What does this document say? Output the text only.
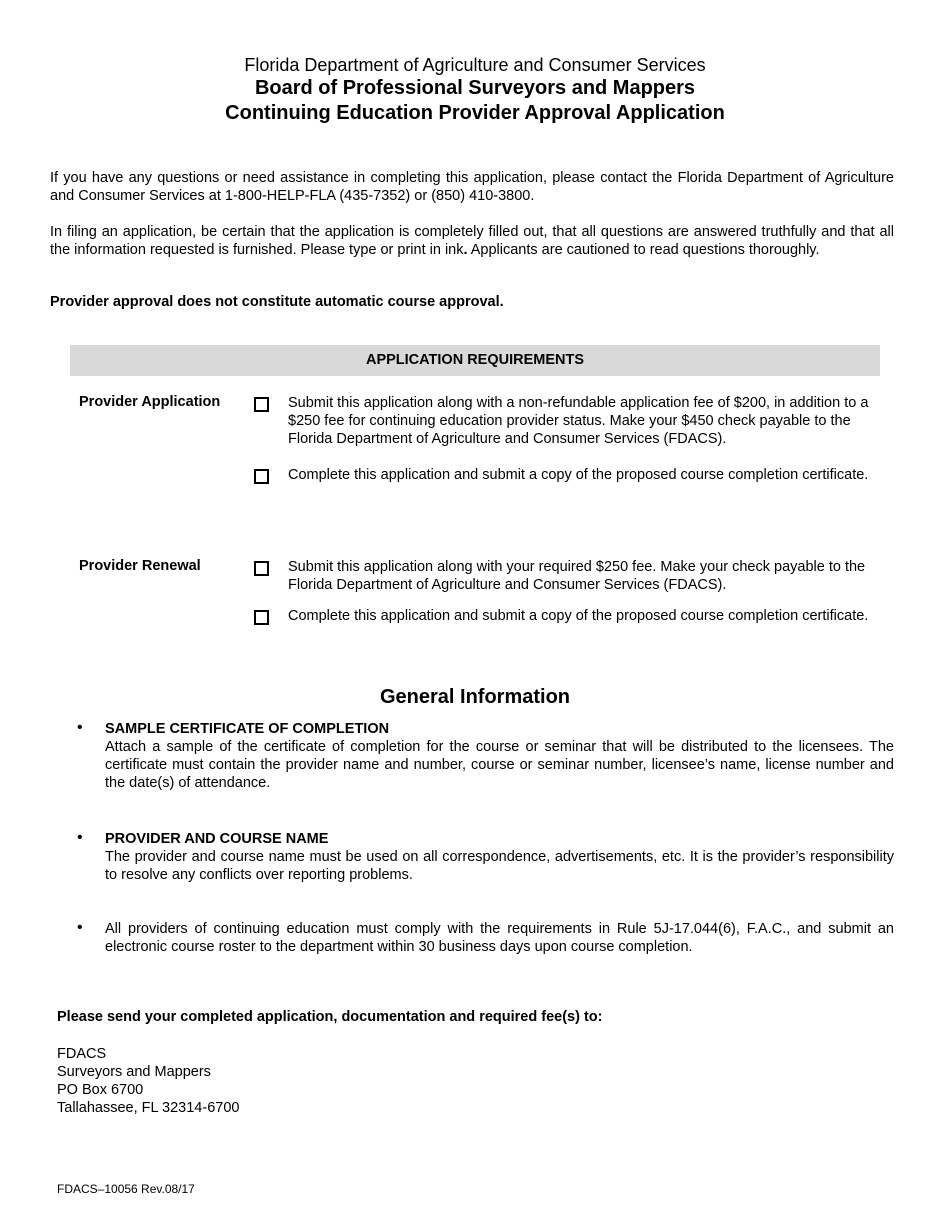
Florida Department of Agriculture and Consumer Services
Board of Professional Surveyors and Mappers
Continuing Education Provider Approval Application
If you have any questions or need assistance in completing this application, please contact the Florida Department of Agriculture and Consumer Services at 1-800-HELP-FLA (435-7352) or (850) 410-3800.
In filing an application, be certain that the application is completely filled out, that all questions are answered truthfully and that all the information requested is furnished. Please type or print in ink. Applicants are cautioned to read questions thoroughly.
Provider approval does not constitute automatic course approval.
APPLICATION REQUIREMENTS
Provider Application	Submit this application along with a non-refundable application fee of $200, in addition to a $250 fee for continuing education provider status. Make your $450 check payable to the Florida Department of Agriculture and Consumer Services (FDACS).
Complete this application and submit a copy of the proposed course completion certificate.
Provider Renewal	Submit this application along with your required $250 fee. Make your check payable to the Florida Department of Agriculture and Consumer Services (FDACS).
Complete this application and submit a copy of the proposed course completion certificate.
General Information
• SAMPLE CERTIFICATE OF COMPLETION
Attach a sample of the certificate of completion for the course or seminar that will be distributed to the licensees. The certificate must contain the provider name and number, course or seminar number, licensee’s name, license number and the date(s) of attendance.
• PROVIDER AND COURSE NAME
The provider and course name must be used on all correspondence, advertisements, etc. It is the provider’s responsibility to resolve any conflicts over reporting problems.
• All providers of continuing education must comply with the requirements in Rule 5J-17.044(6), F.A.C., and submit an electronic course roster to the department within 30 business days upon course completion.
Please send your completed application, documentation and required fee(s) to:
FDACS
Surveyors and Mappers
PO Box 6700
Tallahassee, FL 32314-6700
FDACS–10056 Rev.08/17
